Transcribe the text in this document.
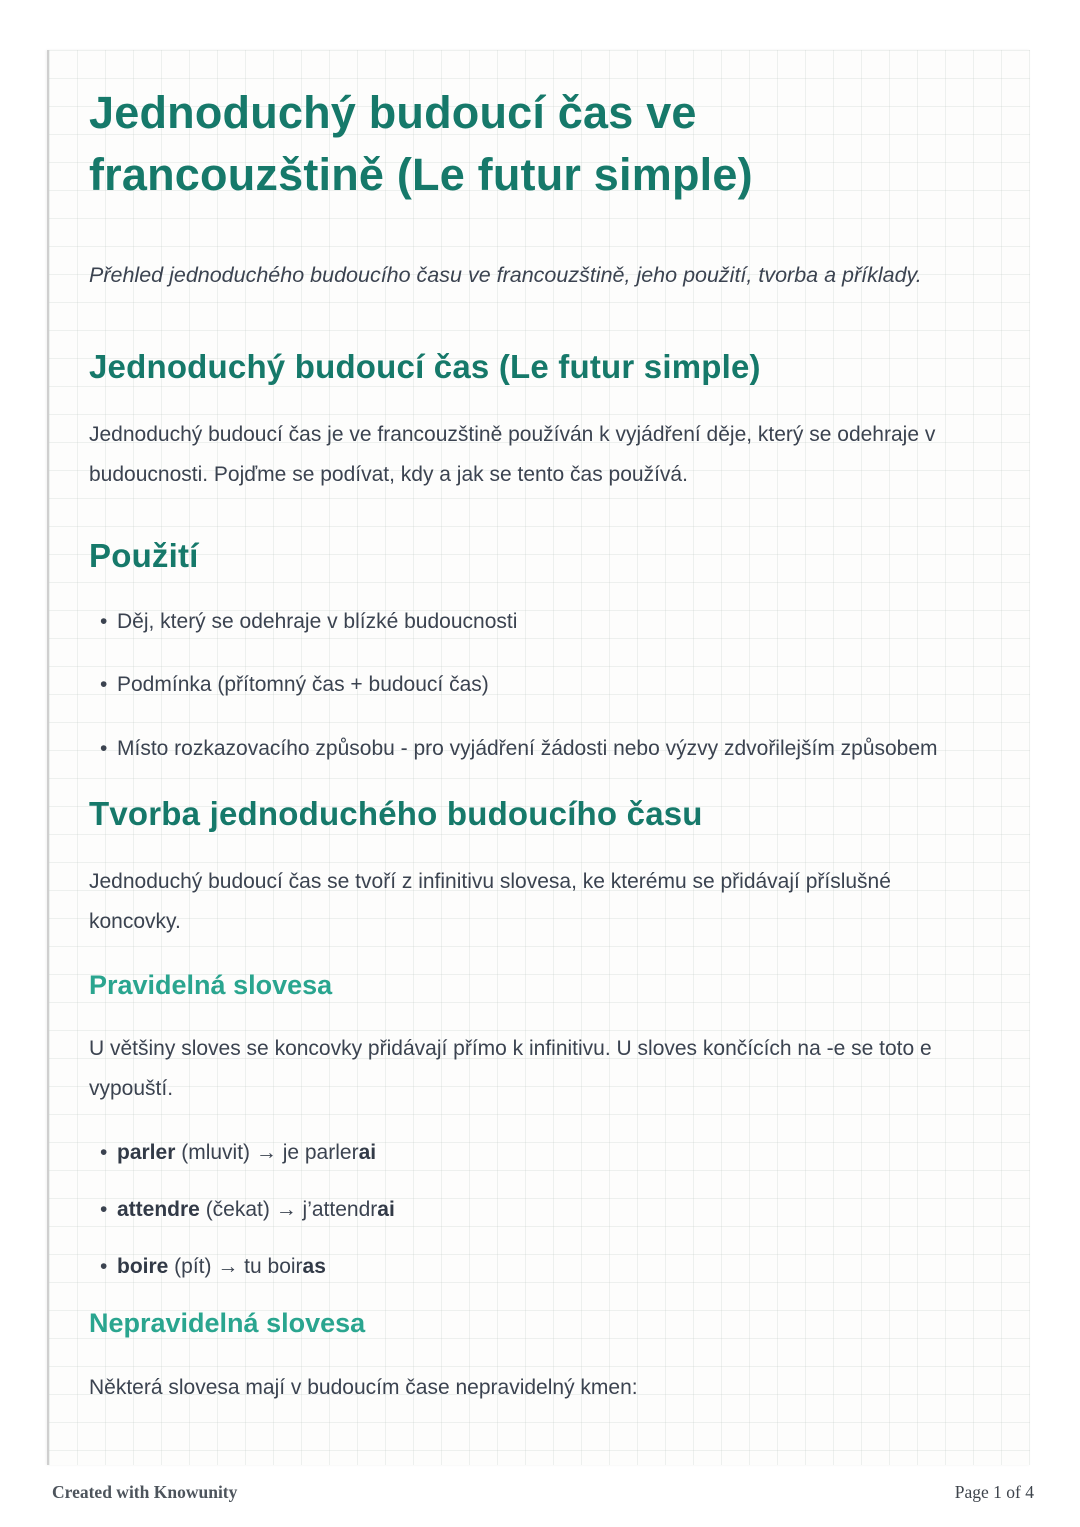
Jednoduchý budoucí čas ve francouzštině (Le futur simple)

Přehled jednoduchého budoucího času ve francouzštině, jeho použití, tvorba a příklady.

Jednoduchý budoucí čas (Le futur simple)

Jednoduchý budoucí čas je ve francouzštině používán k vyjádření děje, který se odehraje v budoucnosti. Pojďme se podívat, kdy a jak se tento čas používá.

Použití
• Děj, který se odehraje v blízké budoucnosti
• Podmínka (přítomný čas + budoucí čas)
• Místo rozkazovacího způsobu - pro vyjádření žádosti nebo výzvy zdvořilejším způsobem
Tvorba jednoduchého budoucího času

Jednoduchý budoucí čas se tvoří z infinitivu slovesa, ke kterému se přidávají příslušné koncovky.

Pravidelná slovesa

U většiny sloves se koncovky přidávají přímo k infinitivu. U sloves končících na -e se toto e vypouští.

• parler (mluvit) → je parlerai
• attendre (čekat) → j’attendrai
• boire (pít) → tu boiras
Nepravidelná slovesa

Některá slovesa mají v budoucím čase nepravidelný kmen:

Created with Knowunity	Page 1 of 4
